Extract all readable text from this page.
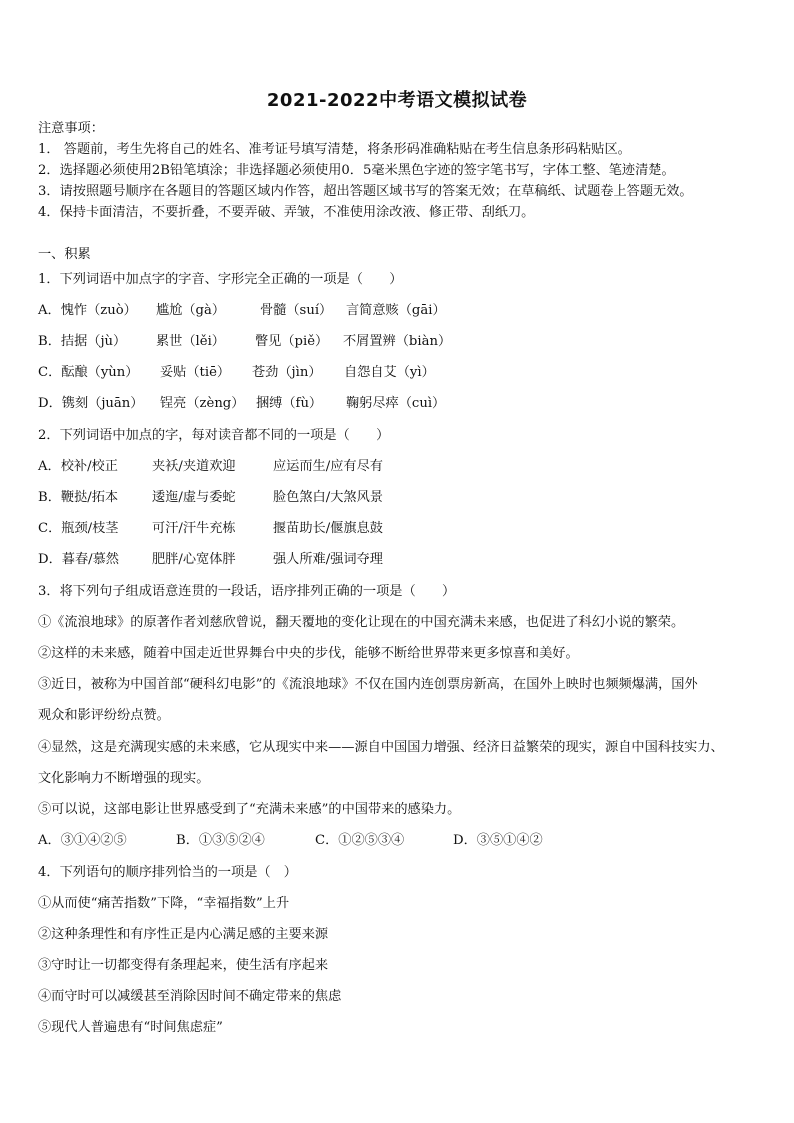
2021-2022中考语文模拟试卷
注意事项：
1． 答题前，考生先将自己的姓名、准考证号填写清楚，将条形码准确粘贴在考生信息条形码粘贴区。
2．选择题必须使用2B铅笔填涂；非选择题必须使用0．5毫米黑色字迹的签字笔书写，字体工整、笔迹清楚。
3．请按照题号顺序在各题目的答题区域内作答，超出答题区域书写的答案无效；在草稿纸、试题卷上答题无效。
4．保持卡面清洁，不要折叠，不要弄破、弄皱，不准使用涂改液、修正带、刮纸刀。
一、积累
1．下列词语中加点字的字音、字形完全正确的一项是（　　）
A．愧怍（zuò）	尴尬（gà）	骨髓（suí）	言简意赅（gāi）
B．拮据（jù）	累世（lěi）	瞥见（piě）	不屑置辨（biàn）
C．酝酿（yùn）	妥贴（tiē）	苍劲（jìn）	自怨自艾（yì）
D．镌刻（juān）	锃亮（zèng） 捆缚（fù）	鞠躬尽瘁（cuì）
2．下列词语中加点的字，每对读音都不同的一项是（　　）
A．校补/校正	夹袄/夹道欢迎	应运而生/应有尽有
B．鞭挞/拓本	逶迤/虚与委蛇	脸色煞白/大煞风景
C．瓶颈/枝茎	可汗/汗牛充栋	揠苗助长/偃旗息鼓
D．暮春/慕然	肥胖/心宽体胖	强人所难/强词夺理
3．将下列句子组成语意连贯的一段话，语序排列正确的一项是（　　）
①《流浪地球》的原著作者刘慈欣曾说，翻天覆地的变化让现在的中国充满未来感，也促进了科幻小说的繁荣。
②这样的未来感，随着中国走近世界舞台中央的步伐，能够不断给世界带来更多惊喜和美好。
③近日，被称为中国首部“硬科幻电影”的《流浪地球》不仅在国内连创票房新高，在国外上映时也频频爆满，国外
观众和影评纷纷点赞。
④显然，这是充满现实感的未来感，它从现实中来——源自中国国力增强、经济日益繁荣的现实，源自中国科技实力、
文化影响力不断增强的现实。
⑤可以说，这部电影让世界感受到了“充满未来感”的中国带来的感染力。
A．③①④②⑤	B．①③⑤②④	C．①②⑤③④	D．③⑤①④②
4．下列语句的顺序排列恰当的一项是（　）
①从而使“痛苦指数”下降，“幸福指数”上升
②这种条理性和有序性正是内心满足感的主要来源
③守时让一切都变得有条理起来，使生活有序起来
④而守时可以减缓甚至消除因时间不确定带来的焦虑
⑤现代人普遍患有“时间焦虑症”
